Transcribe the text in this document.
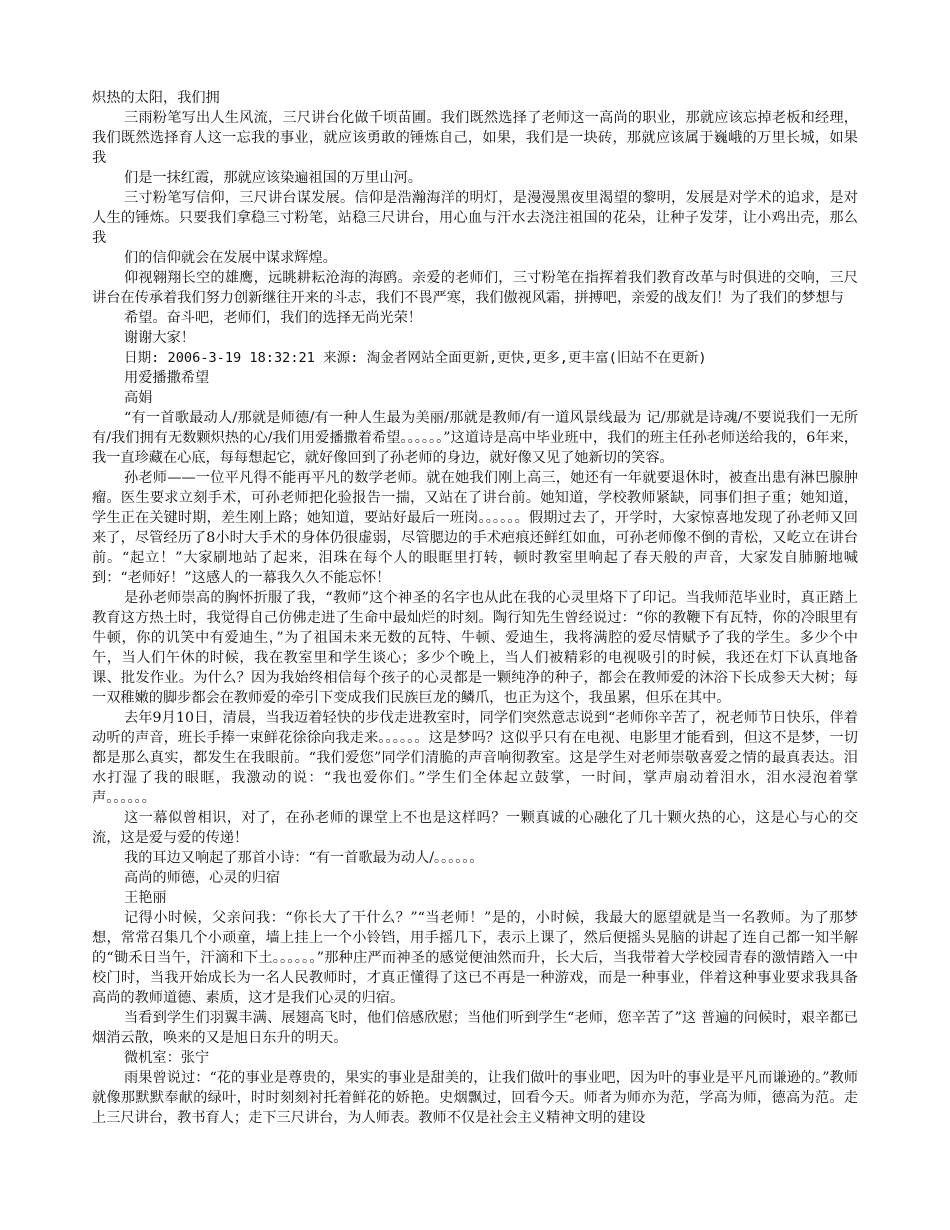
炽热的太阳，我们拥

三雨粉笔写出人生风流，三尺讲台化做千顷苗圃。我们既然选择了老师这一高尚的职业，那就应该忘掉老板和经理，我们既然选择育人这一忘我的事业，就应该勇敢的锤炼自己，如果，我们是一块砖，那就应该属于巍峨的万里长城，如果我

们是一抹红霞，那就应该染遍祖国的万里山河。

三寸粉笔写信仰，三尺讲台谋发展。信仰是浩瀚海洋的明灯，是漫漫黑夜里渴望的黎明，发展是对学术的追求，是对人生的锤炼。只要我们拿稳三寸粉笔，站稳三尺讲台，用心血与汗水去浇注祖国的花朵，让种子发芽，让小鸡出壳，那么我

们的信仰就会在发展中谋求辉煌。

仰视翱翔长空的雄鹰，远眺耕耘沧海的海鸥。亲爱的老师们，三寸粉笔在指挥着我们教育改革与时俱进的交响，三尺讲台在传承着我们努力创新继往开来的斗志，我们不畏严寒，我们傲视风霜，拼搏吧，亲爱的战友们！为了我们的梦想与

希望。奋斗吧，老师们，我们的选择无尚光荣！

谢谢大家！

日期: 2006-3-19 18:32:21 来源: 淘金者网站全面更新,更快,更多,更丰富(旧站不在更新)

用爱播撒希望

高娟

“有一首歌最动人/那就是师德/有一种人生最为美丽/那就是教师/有一道风景线最为 记/那就是诗魂/不要说我们一无所有/我们拥有无数颗炽热的心/我们用爱播撒着希望。。。。。。”这道诗是高中毕业班中，我们的班主任孙老师送给我的，6年来，我一直珍藏在心底，每每想起它，就好像回到了孙老师的身边，就好像又见了她新切的笑容。

孙老师——一位平凡得不能再平凡的数学老师。就在她我们刚上高三，她还有一年就要退休时，被查出患有淋巴腺肿瘤。医生要求立刻手术，可孙老师把化验报告一揣，又站在了讲台前。她知道，学校教师紧缺，同事们担子重；她知道，学生正在关键时期，差生刚上路；她知道，要站好最后一班岗。。。。。。假期过去了，开学时，大家惊喜地发现了孙老师又回来了，尽管经历了8小时大手术的身体仍很虚弱，尽管腮边的手术疤痕还鲜红如血，可孙老师像不倒的青松，又屹立在讲台前。“起立！”大家刷地站了起来，泪珠在每个人的眼眶里打转，顿时教室里响起了春天般的声音，大家发自肺腑地喊到：“老师好！”这感人的一幕我久久不能忘怀！

是孙老师崇高的胸怀折服了我，“教师”这个神圣的名字也从此在我的心灵里烙下了印记。当我师范毕业时，真正踏上教育这方热土时，我觉得自己仿佛走进了生命中最灿烂的时刻。陶行知先生曾经说过：“你的教鞭下有瓦特，你的冷眼里有牛顿，你的讥笑中有爱迪生，”为了祖国未来无数的瓦特、牛顿、爱迪生，我将满腔的爱尽情赋予了我的学生。多少个中午，当人们午休的时候，我在教室里和学生谈心；多少个晚上，当人们被精彩的电视吸引的时候，我还在灯下认真地备课、批发作业。为什么？因为我始终相信每个孩子的心灵都是一颗纯净的种子，都会在教师爱的沐浴下长成参天大树；每一双稚嫩的脚步都会在教师爱的牵引下变成我们民族巨龙的鳞爪，也正为这个，我虽累，但乐在其中。

去年9月10日，清晨，当我迈着轻快的步伐走进教室时，同学们突然意志说到“老师你辛苦了，祝老师节日快乐，伴着动听的声音，班长手捧一束鲜花徐徐向我走来。。。。。。这是梦吗？这似乎只有在电视、电影里才能看到，但这不是梦，一切都是那么真实，都发生在我眼前。“我们爱您”同学们清脆的声音响彻教室。这是学生对老师崇敬喜爱之情的最真表达。泪水打湿了我的眼眶，我激动的说：“我也爱你们。”学生们全体起立鼓掌，一时间，掌声扇动着泪水，泪水浸泡着掌声。。。。。。

这一幕似曾相识，对了，在孙老师的课堂上不也是这样吗？一颗真诚的心融化了几十颗火热的心，这是心与心的交流，这是爱与爱的传递！

我的耳边又响起了那首小诗：“有一首歌最为动人/。。。。。。

高尚的师德，心灵的归宿

王艳丽

记得小时候，父亲问我：“你长大了干什么？”“当老师！”是的，小时候，我最大的愿望就是当一名教师。为了那梦想，常常召集几个小顽童，墙上挂上一个小铃铛，用手摇几下，表示上课了，然后便摇头晃脑的讲起了连自己都一知半解的“锄禾日当午，汗滴和下土。。。。。。”那种庄严而神圣的感觉便油然而升，长大后，当我带着大学校园青春的激情踏入一中校门时，当我开始成长为一名人民教师时，才真正懂得了这已不再是一种游戏，而是一种事业，伴着这种事业要求我具备高尚的教师道德、素质，这才是我们心灵的归宿。

当看到学生们羽翼丰满、展翅高飞时，他们倍感欣慰；当他们听到学生“老师，您辛苦了”这 普遍的问候时，艰辛都已烟消云散，唤来的又是旭日东升的明天。

微机室：张宁

雨果曾说过：“花的事业是尊贵的，果实的事业是甜美的，让我们做叶的事业吧，因为叶的事业是平凡而谦逊的。”教师就像那默默奉献的绿叶，时时刻刻衬托着鲜花的娇艳。史烟飘过，回看今天。师者为师亦为范，学高为师，德高为范。走上三尺讲台，教书育人；走下三尺讲台，为人师表。教师不仅是社会主义精神文明的建设
